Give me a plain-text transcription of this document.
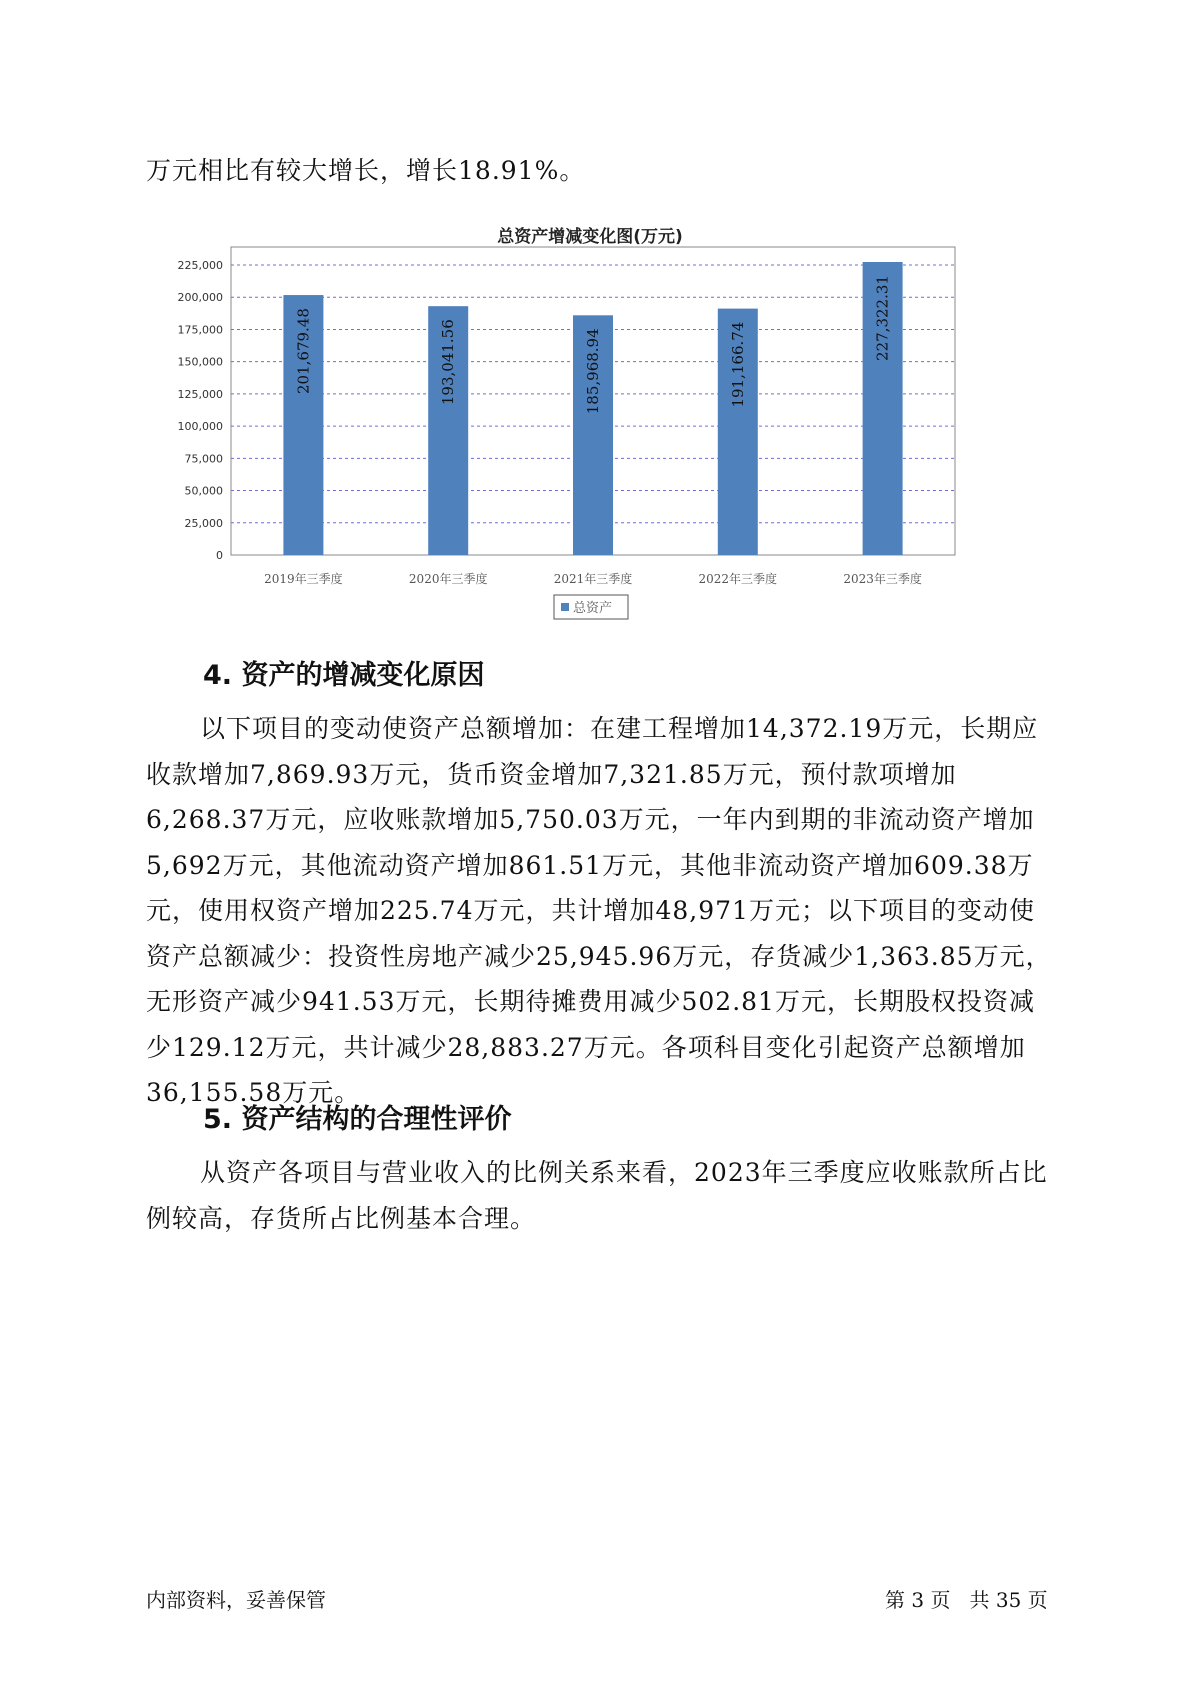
万元相比有较大增长，增长18.91%。

总资产增减变化图(万元)
0
25,000
50,000
75,000
100,000
125,000
150,000
175,000
200,000
225,000
201,679.48	193,041.56	185,968.94	191,166.74
227,322.31
2019年三季度	2020年三季度	2021年三季度	2022年三季度	2023年三季度
总资产
4. 资产的增减变化原因

以下项目的变动使资产总额增加：在建工程增加14,372.19万元，长期应收款增加7,869.93万元，货币资金增加7,321.85万元，预付款项增加6,268.37万元，应收账款增加5,750.03万元，一年内到期的非流动资产增加5,692万元，其他流动资产增加861.51万元，其他非流动资产增加609.38万元，使用权资产增加225.74万元，共计增加48,971万元；以下项目的变动使资产总额减少：投资性房地产减少25,945.96万元，存货减少1,363.85万元，无形资产减少941.53万元，长期待摊费用减少502.81万元，长期股权投资减少129.12万元，共计减少28,883.27万元。各项科目变化引起资产总额增加36,155.58万元。

5. 资产结构的合理性评价

从资产各项目与营业收入的比例关系来看，2023年三季度应收账款所占比例较高，存货所占比例基本合理。

内部资料，妥善保管	第 3 页   共 35 页
